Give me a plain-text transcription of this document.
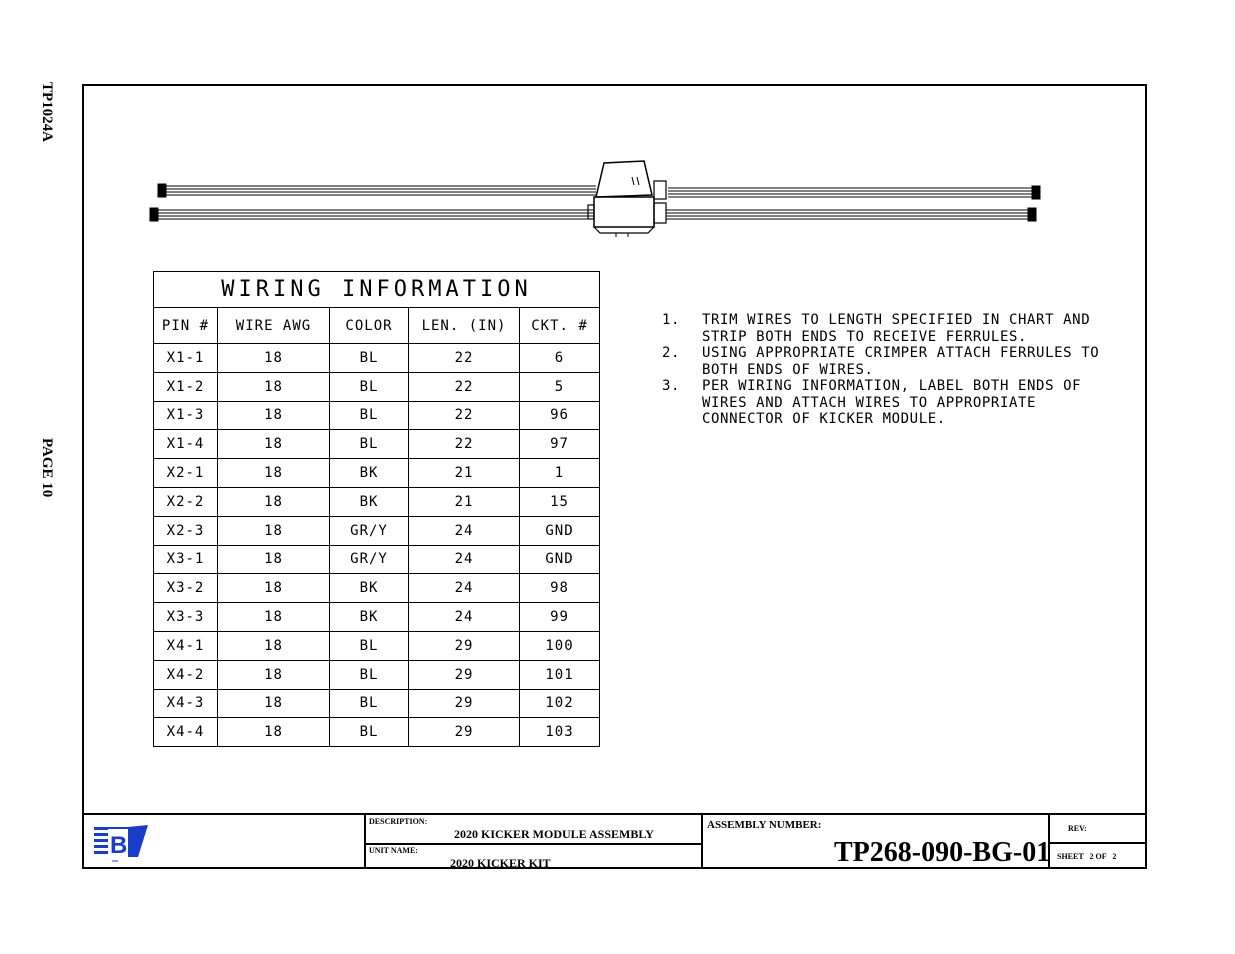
TP1024A
PAGE 10
WIRING INFORMATION				
PIN #	WIRE AWG	COLOR	LEN. (IN)	CKT. #
X1-1	18	BL	22	6
X1-2	18	BL	22	5
X1-3	18	BL	22	96
X1-4	18	BL	22	97
X2-1	18	BK	21	1
X2-2	18	BK	21	15
X2-3	18	GR/Y	24	GND
X3-1	18	GR/Y	24	GND
X3-2	18	BK	24	98
X3-3	18	BK	24	99
X4-1	18	BL	29	100
X4-2	18	BL	29	101
X4-3	18	BL	29	102
X4-4	18	BL	29	103
1.	TRIM WIRES TO LENGTH SPECIFIED IN CHART AND STRIP BOTH ENDS TO RECEIVE FERRULES.
2.	USING APPROPRIATE CRIMPER ATTACH FERRULES TO BOTH ENDS OF WIRES.
3.	PER WIRING INFORMATION, LABEL BOTH ENDS OF WIRES AND ATTACH WIRES TO APPROPRIATE CONNECTOR OF KICKER MODULE.
B
DESCRIPTION:
2020 KICKER MODULE ASSEMBLY
UNIT NAME:
2020 KICKER KIT
ASSEMBLY NUMBER:
TP268-090-BG-01
REV:
SHEET 2 OF 2
